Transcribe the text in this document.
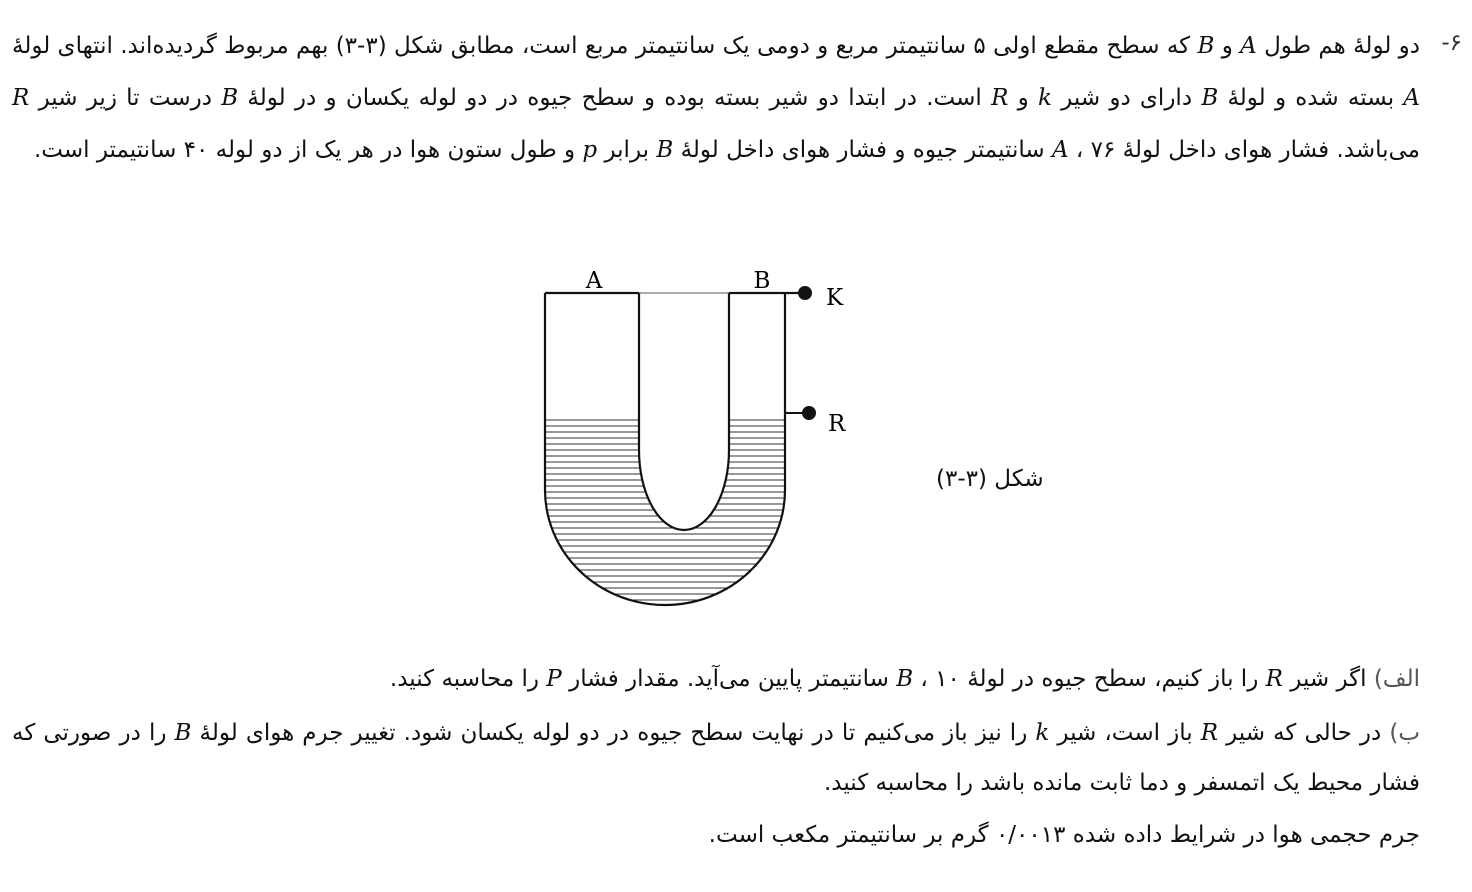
۶-

دو لولهٔ هم طول A و B که سطح مقطع اولی ۵ سانتیمتر مربع و دومی یک سانتیمتر مربع است، مطابق شکل (۳-۳) بهم مربوط گردیده‌اند. انتهای لولهٔ A بسته شده و لولهٔ B دارای دو شیر k و R است. در ابتدا دو شیر بسته بوده و سطح جیوه در دو لوله یکسان و در لولهٔ B درست تا زیر شیر R می‌باشد. فشار هوای داخل لولهٔ A ، ۷۶ سانتیمتر جیوه و فشار هوای داخل لولهٔ B برابر p و طول ستون هوا در هر یک از دو لوله ۴۰ سانتیمتر است.

A	B
K
R
شکل (۳-۳)

الف) اگر شیر R را باز کنیم، سطح جیوه در لولهٔ B ، ۱۰ سانتیمتر پایین می‌آید. مقدار فشار P را محاسبه کنید.

ب) در حالی که شیر R باز است، شیر k را نیز باز می‌کنیم تا در نهایت سطح جیوه در دو لوله یکسان شود. تغییر جرم هوای لولهٔ B را در صورتی که فشار محیط یک اتمسفر و دما ثابت مانده باشد را محاسبه کنید.

جرم حجمی هوا در شرایط داده شده ۰/۰۰۱۳ گرم بر سانتیمتر مکعب است.
